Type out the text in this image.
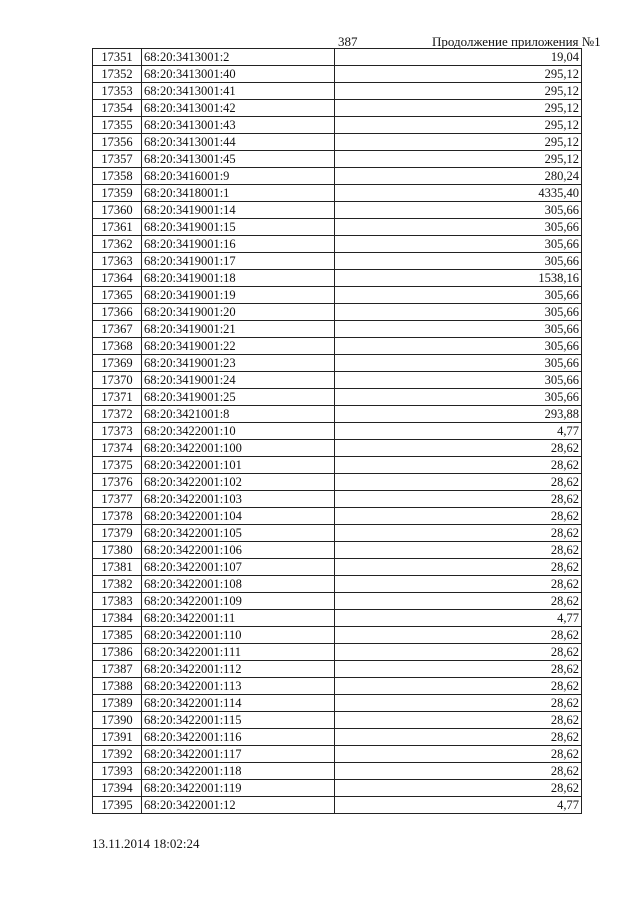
387	Продолжение приложения №1
17351	68:20:3413001:2	19,04
17352	68:20:3413001:40	295,12
17353	68:20:3413001:41	295,12
17354	68:20:3413001:42	295,12
17355	68:20:3413001:43	295,12
17356	68:20:3413001:44	295,12
17357	68:20:3413001:45	295,12
17358	68:20:3416001:9	280,24
17359	68:20:3418001:1	4335,40
17360	68:20:3419001:14	305,66
17361	68:20:3419001:15	305,66
17362	68:20:3419001:16	305,66
17363	68:20:3419001:17	305,66
17364	68:20:3419001:18	1538,16
17365	68:20:3419001:19	305,66
17366	68:20:3419001:20	305,66
17367	68:20:3419001:21	305,66
17368	68:20:3419001:22	305,66
17369	68:20:3419001:23	305,66
17370	68:20:3419001:24	305,66
17371	68:20:3419001:25	305,66
17372	68:20:3421001:8	293,88
17373	68:20:3422001:10	4,77
17374	68:20:3422001:100	28,62
17375	68:20:3422001:101	28,62
17376	68:20:3422001:102	28,62
17377	68:20:3422001:103	28,62
17378	68:20:3422001:104	28,62
17379	68:20:3422001:105	28,62
17380	68:20:3422001:106	28,62
17381	68:20:3422001:107	28,62
17382	68:20:3422001:108	28,62
17383	68:20:3422001:109	28,62
17384	68:20:3422001:11	4,77
17385	68:20:3422001:110	28,62
17386	68:20:3422001:111	28,62
17387	68:20:3422001:112	28,62
17388	68:20:3422001:113	28,62
17389	68:20:3422001:114	28,62
17390	68:20:3422001:115	28,62
17391	68:20:3422001:116	28,62
17392	68:20:3422001:117	28,62
17393	68:20:3422001:118	28,62
17394	68:20:3422001:119	28,62
17395	68:20:3422001:12	4,77
13.11.2014 18:02:24
